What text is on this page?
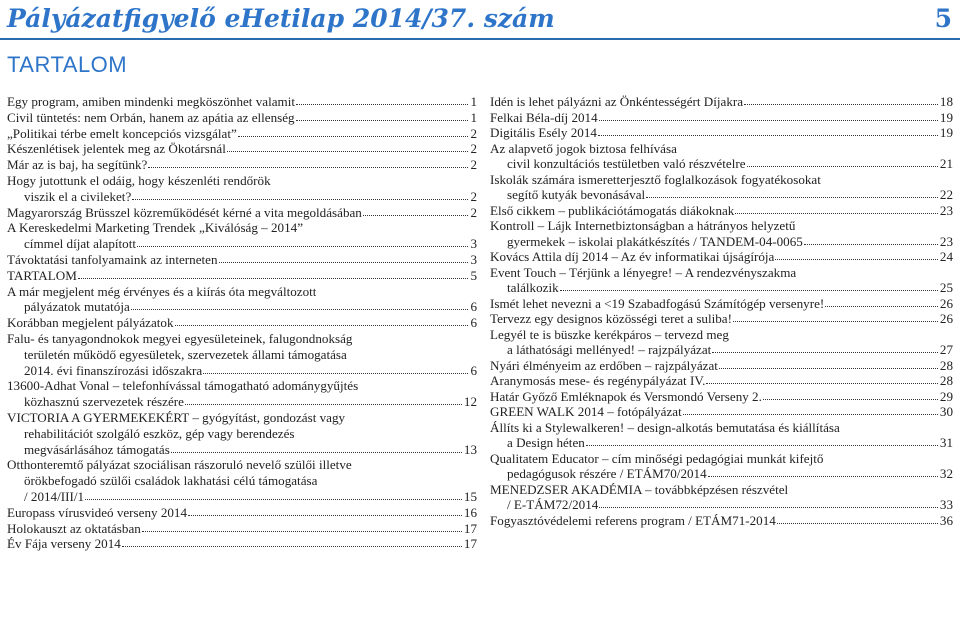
Pályázatfigyelő eHetilap 2014/37. szám	5
TARTALOM
Egy program, amiben mindenki megköszönhet valamit	1
Civil tüntetés: nem Orbán, hanem az apátia az ellenség	1
„Politikai térbe emelt koncepciós vizsgálat”	2
Készenlétisek jelentek meg az Ökotársnál	2
Már az is baj, ha segítünk?	2
Hogy jutottunk el odáig, hogy készenléti rendőrök
viszik el a civileket?	2
Magyarország Brüsszel közreműködését kérné a vita megoldásában	2
A Kereskedelmi Marketing Trendek „Kiválóság – 2014”
címmel díjat alapított	3
Távoktatási tanfolyamaink az interneten	3
TARTALOM	5
A már megjelent még érvényes és a kiírás óta megváltozott
pályázatok mutatója	6
Korábban megjelent pályázatok	6
Falu- és tanyagondnokok megyei egyesületeinek, falugondnokság
területén működő egyesületek, szervezetek állami támogatása
2014. évi finanszírozási időszakra	6
13600-Adhat Vonal – telefonhívással támogatható adománygyűjtés
közhasznú szervezetek részére	12
VICTORIA A GYERMEKEKÉRT – gyógyítást, gondozást vagy
rehabilitációt szolgáló eszköz, gép vagy berendezés
megvásárlásához támogatás	13
Otthonteremtő pályázat szociálisan rászoruló nevelő szülői illetve
örökbefogadó szülői családok lakhatási célú támogatása
/ 2014/III/1	15
Europass vírusvideó verseny 2014	16
Holokauszt az oktatásban	17
Év Fája verseny 2014	17
Idén is lehet pályázni az Önkéntességért Díjakra	18
Felkai Béla-díj 2014	19
Digitális Esély 2014	19
Az alapvető jogok biztosa felhívása
civil konzultációs testületben való részvételre	21
Iskolák számára ismeretterjesztő foglalkozások fogyatékosokat
segítő kutyák bevonásával	22
Első cikkem – publikációtámogatás diákoknak	23
Kontroll – Lájk Internetbiztonságban a hátrányos helyzetű
gyermekek – iskolai plakátkészítés / TANDEM-04-0065	23
Kovács Attila díj 2014 – Az év informatikai újságírója	24
Event Touch – Térjünk a lényegre! – A rendezvényszakma
találkozik	25
Ismét lehet nevezni a <19 Szabadfogású Számítógép versenyre!	26
Tervezz egy designos közösségi teret a suliba!	26
Legyél te is büszke kerékpáros – tervezd meg
a láthatósági mellényed! – rajzpályázat	27
Nyári élményeim az erdőben – rajzpályázat	28
Aranymosás mese- és regénypályázat IV.	28
Határ Győző Emléknapok és Versmondó Verseny 2.	29
GREEN WALK 2014 – fotópályázat	30
Állíts ki a Stylewalkeren! – design-alkotás bemutatása és kiállítása
a Design héten	31
Qualitatem Educator – cím minőségi pedagógiai munkát kifejtő
pedagógusok részére / ETÁM70/2014	32
MENEDZSER AKADÉMIA – továbbképzésen részvétel
/ E-TÁM72/2014	33
Fogyasztóvédelemi referens program / ETÁM71-2014	36
